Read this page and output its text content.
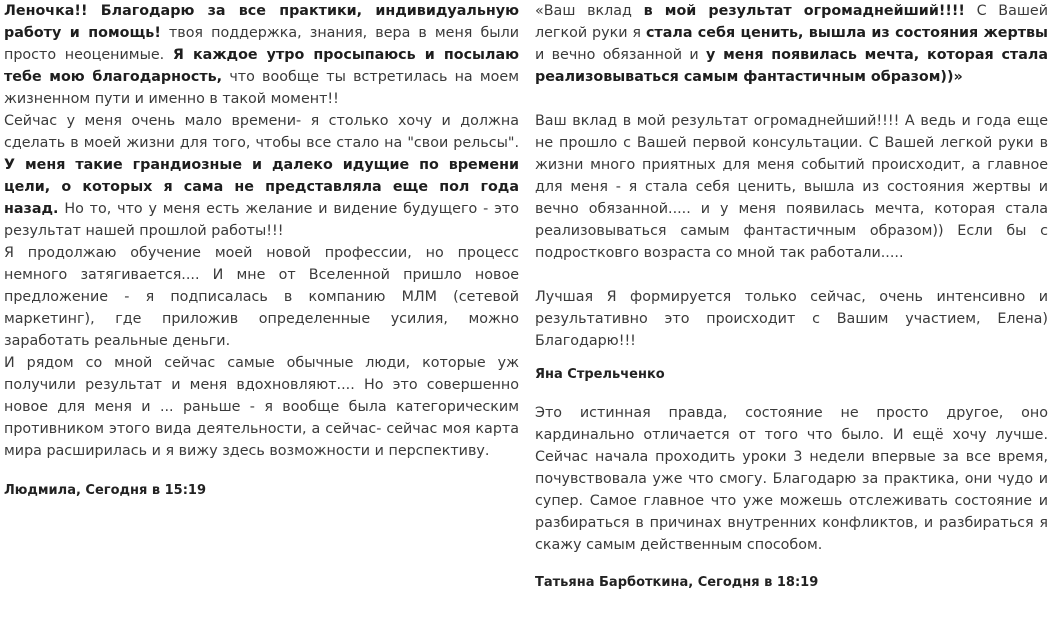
Леночка!! Благодарю за все практики, индивидуальную работу и помощь! твоя поддержка, знания, вера в меня были просто неоценимые. Я каждое утро просыпаюсь и посылаю тебе мою благодарность, что вообще ты встретилась на моем жизненном пути и именно в такой момент!!
Сейчас у меня очень мало времени- я столько хочу и должна сделать в моей жизни для того, чтобы все стало на "свои рельсы". У меня такие грандиозные и далеко идущие по времени цели, о которых я сама не представляла еще пол года назад. Но то, что у меня есть желание и видение будущего - это результат нашей прошлой работы!!!
Я продолжаю обучение моей новой профессии, но процесс немного затягивается.... И мне от Вселенной пришло новое предложение - я подписалась в компанию МЛМ (сетевой маркетинг), где приложив определенные усилия, можно заработать реальные деньги.
И рядом со мной сейчас самые обычные люди, которые уж получили результат и меня вдохновляют.... Но это совершенно новое для меня и ... раньше - я вообще была категорическим противником этого вида деятельности, а сейчас- сейчас моя карта мира расширилась и я вижу здесь возможности и перспективу.

Людмила, Сегодня в 15:19

«Ваш вклад в мой результат огромаднейший!!!! С Вашей легкой руки я стала себя ценить, вышла из состояния жертвы и вечно обязанной и у меня появилась мечта, которая стала реализовываться самым фантастичным образом))»

Ваш вклад в мой результат огромаднейший!!!! А ведь и года еще не прошло с Вашей первой консультации. С Вашей легкой руки в жизни много приятных для меня событий происходит, а главное для меня - я стала себя ценить, вышла из состояния жертвы и вечно обязанной..... и у меня появилась мечта, которая стала реализовываться самым фантастичным образом)) Если бы с подростковго возраста со мной так работали.....

Лучшая Я формируется только сейчас, очень интенсивно и результативно это происходит с Вашим участием, Елена) Благодарю!!!

Яна Стрельченко

Это истинная правда, состояние не просто другое, оно кардинально отличается от того что было. И ещё хочу лучше. Сейчас начала проходить уроки 3 недели впервые за все время, почувствовала уже что смогу. Благодарю за практика, они чудо и супер. Самое главное что уже можешь отслеживать состояние и разбираться в причинах внутренних конфликтов, и разбираться я скажу самым действенным способом.

Татьяна Барботкина, Сегодня в 18:19
